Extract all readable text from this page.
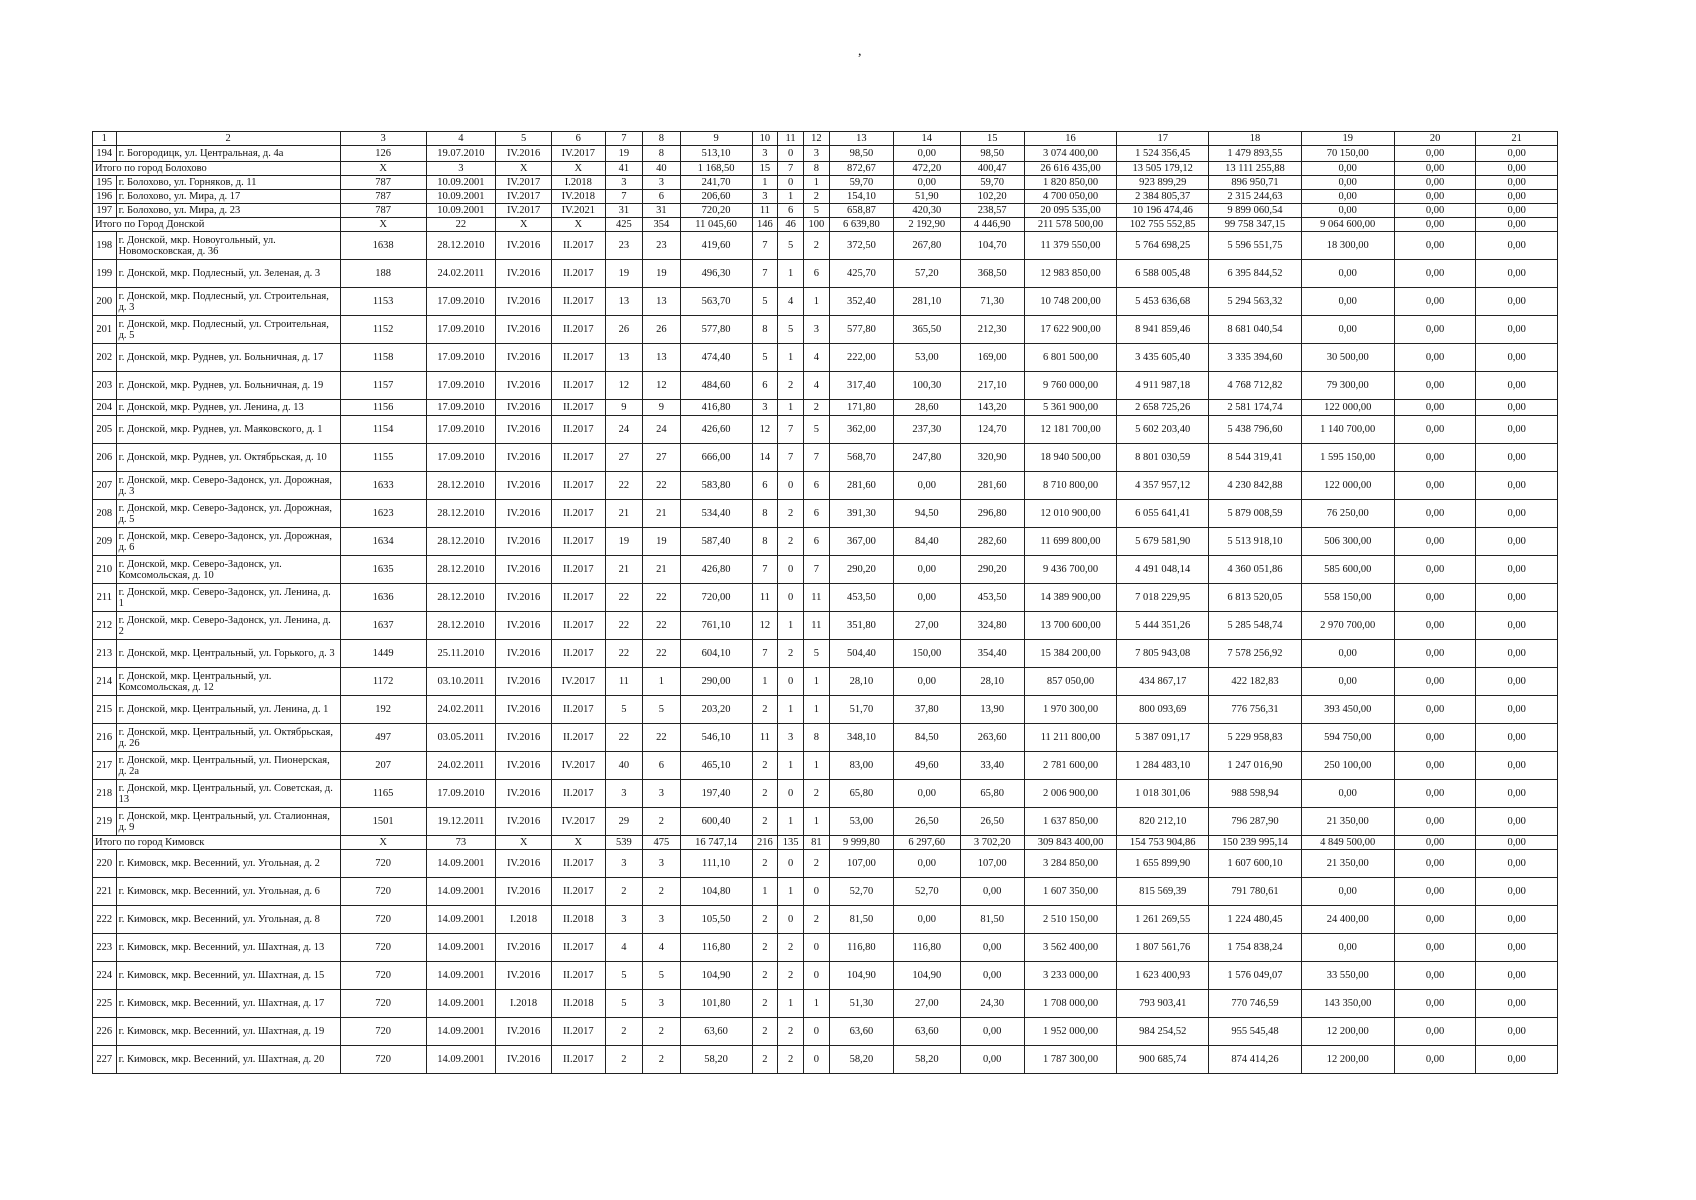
,
1	2	3	4	5	6	7	8	9	10	11	12	13	14	15	16	17	18	19	20	21
194	г. Богородицк, ул. Центральная, д. 4а	126	19.07.2010	IV.2016	IV.2017	19	8	513,10	3	0	3	98,50	0,00	98,50	3 074 400,00	1 524 356,45	1 479 893,55	70 150,00	0,00	0,00
Итого по город Болохово		X	3	X	X	41	40	1 168,50	15	7	8	872,67	472,20	400,47	26 616 435,00	13 505 179,12	13 111 255,88	0,00	0,00	0,00
195	г. Болохово, ул. Горнякoв, д. 11	787	10.09.2001	IV.2017	I.2018	3	3	241,70	1	0	1	59,70	0,00	59,70	1 820 850,00	923 899,29	896 950,71	0,00	0,00	0,00
196	г. Болохово, ул. Мира, д. 17	787	10.09.2001	IV.2017	IV.2018	7	6	206,60	3	1	2	154,10	51,90	102,20	4 700 050,00	2 384 805,37	2 315 244,63	0,00	0,00	0,00
197	г. Болохово, ул. Мира, д. 23	787	10.09.2001	IV.2017	IV.2021	31	31	720,20	11	6	5	658,87	420,30	238,57	20 095 535,00	10 196 474,46	9 899 060,54	0,00	0,00	0,00
Итого по Город Донской		X	22	X	X	425	354	11 045,60	146	46	100	6 639,80	2 192,90	4 446,90	211 578 500,00	102 755 552,85	99 758 347,15	9 064 600,00	0,00	0,00
198	г. Донской, мкр. Новоугольный, ул. Новомосковская, д. 36	1638	28.12.2010	IV.2016	II.2017	23	23	419,60	7	5	2	372,50	267,80	104,70	11 379 550,00	5 764 698,25	5 596 551,75	18 300,00	0,00	0,00
199	г. Донской, мкр. Подлесный, ул. Зеленая, д. 3	188	24.02.2011	IV.2016	II.2017	19	19	496,30	7	1	6	425,70	57,20	368,50	12 983 850,00	6 588 005,48	6 395 844,52	0,00	0,00	0,00
200	г. Донской, мкр. Подлесный, ул. Строительная, д. 3	1153	17.09.2010	IV.2016	II.2017	13	13	563,70	5	4	1	352,40	281,10	71,30	10 748 200,00	5 453 636,68	5 294 563,32	0,00	0,00	0,00
201	г. Донской, мкр. Подлесный, ул. Строительная, д. 5	1152	17.09.2010	IV.2016	II.2017	26	26	577,80	8	5	3	577,80	365,50	212,30	17 622 900,00	8 941 859,46	8 681 040,54	0,00	0,00	0,00
202	г. Донской, мкр. Руднев, ул. Больничная, д. 17	1158	17.09.2010	IV.2016	II.2017	13	13	474,40	5	1	4	222,00	53,00	169,00	6 801 500,00	3 435 605,40	3 335 394,60	30 500,00	0,00	0,00
203	г. Донской, мкр. Руднев, ул. Больничная, д. 19	1157	17.09.2010	IV.2016	II.2017	12	12	484,60	6	2	4	317,40	100,30	217,10	9 760 000,00	4 911 987,18	4 768 712,82	79 300,00	0,00	0,00
204	г. Донской, мкр. Руднев, ул. Ленина, д. 13	1156	17.09.2010	IV.2016	II.2017	9	9	416,80	3	1	2	171,80	28,60	143,20	5 361 900,00	2 658 725,26	2 581 174,74	122 000,00	0,00	0,00
205	г. Донской, мкр. Руднев, ул. Маяковского, д. 1	1154	17.09.2010	IV.2016	II.2017	24	24	426,60	12	7	5	362,00	237,30	124,70	12 181 700,00	5 602 203,40	5 438 796,60	1 140 700,00	0,00	0,00
206	г. Донской, мкр. Руднев, ул. Октябрьская, д. 10	1155	17.09.2010	IV.2016	II.2017	27	27	666,00	14	7	7	568,70	247,80	320,90	18 940 500,00	8 801 030,59	8 544 319,41	1 595 150,00	0,00	0,00
207	г. Донской, мкр. Северо-Задонск, ул. Дорожная, д. 3	1633	28.12.2010	IV.2016	II.2017	22	22	583,80	6	0	6	281,60	0,00	281,60	8 710 800,00	4 357 957,12	4 230 842,88	122 000,00	0,00	0,00
208	г. Донской, мкр. Северо-Задонск, ул. Дорожная, д. 5	1623	28.12.2010	IV.2016	II.2017	21	21	534,40	8	2	6	391,30	94,50	296,80	12 010 900,00	6 055 641,41	5 879 008,59	76 250,00	0,00	0,00
209	г. Донской, мкр. Северо-Задонск, ул. Дорожная, д. 6	1634	28.12.2010	IV.2016	II.2017	19	19	587,40	8	2	6	367,00	84,40	282,60	11 699 800,00	5 679 581,90	5 513 918,10	506 300,00	0,00	0,00
210	г. Донской, мкр. Северо-Задонск, ул. Комсомольская, д. 10	1635	28.12.2010	IV.2016	II.2017	21	21	426,80	7	0	7	290,20	0,00	290,20	9 436 700,00	4 491 048,14	4 360 051,86	585 600,00	0,00	0,00
211	г. Донской, мкр. Северо-Задонск, ул. Ленина, д. 1	1636	28.12.2010	IV.2016	II.2017	22	22	720,00	11	0	11	453,50	0,00	453,50	14 389 900,00	7 018 229,95	6 813 520,05	558 150,00	0,00	0,00
212	г. Донской, мкр. Северо-Задонск, ул. Ленина, д. 2	1637	28.12.2010	IV.2016	II.2017	22	22	761,10	12	1	11	351,80	27,00	324,80	13 700 600,00	5 444 351,26	5 285 548,74	2 970 700,00	0,00	0,00
213	г. Донской, мкр. Центральный, ул. Горького, д. 3	1449	25.11.2010	IV.2016	II.2017	22	22	604,10	7	2	5	504,40	150,00	354,40	15 384 200,00	7 805 943,08	7 578 256,92	0,00	0,00	0,00
214	г. Донской, мкр. Центральный, ул. Комсомольская, д. 12	1172	03.10.2011	IV.2016	IV.2017	11	1	290,00	1	0	1	28,10	0,00	28,10	857 050,00	434 867,17	422 182,83	0,00	0,00	0,00
215	г. Донской, мкр. Центральный, ул. Ленина, д. 1	192	24.02.2011	IV.2016	II.2017	5	5	203,20	2	1	1	51,70	37,80	13,90	1 970 300,00	800 093,69	776 756,31	393 450,00	0,00	0,00
216	г. Донской, мкр. Центральный, ул. Октябрьская, д. 26	497	03.05.2011	IV.2016	II.2017	22	22	546,10	11	3	8	348,10	84,50	263,60	11 211 800,00	5 387 091,17	5 229 958,83	594 750,00	0,00	0,00
217	г. Донской, мкр. Центральный, ул. Пионерская, д. 2а	207	24.02.2011	IV.2016	IV.2017	40	6	465,10	2	1	1	83,00	49,60	33,40	2 781 600,00	1 284 483,10	1 247 016,90	250 100,00	0,00	0,00
218	г. Донской, мкр. Центральный, ул. Советская, д. 13	1165	17.09.2010	IV.2016	II.2017	3	3	197,40	2	0	2	65,80	0,00	65,80	2 006 900,00	1 018 301,06	988 598,94	0,00	0,00	0,00
219	г. Донской, мкр. Центральный, ул. Сталионная, д. 9	1501	19.12.2011	IV.2016	IV.2017	29	2	600,40	2	1	1	53,00	26,50	26,50	1 637 850,00	820 212,10	796 287,90	21 350,00	0,00	0,00
Итого по город Кимовск		X	73	X	X	539	475	16 747,14	216	135	81	9 999,80	6 297,60	3 702,20	309 843 400,00	154 753 904,86	150 239 995,14	4 849 500,00	0,00	0,00
220	г. Кимовск, мкр. Весенний, ул. Угольная, д. 2	720	14.09.2001	IV.2016	II.2017	3	3	111,10	2	0	2	107,00	0,00	107,00	3 284 850,00	1 655 899,90	1 607 600,10	21 350,00	0,00	0,00
221	г. Кимовск, мкр. Весенний, ул. Угольная, д. 6	720	14.09.2001	IV.2016	II.2017	2	2	104,80	1	1	0	52,70	52,70	0,00	1 607 350,00	815 569,39	791 780,61	0,00	0,00	0,00
222	г. Кимовск, мкр. Весенний, ул. Угольная, д. 8	720	14.09.2001	I.2018	II.2018	3	3	105,50	2	0	2	81,50	0,00	81,50	2 510 150,00	1 261 269,55	1 224 480,45	24 400,00	0,00	0,00
223	г. Кимовск, мкр. Весенний, ул. Шахтная, д. 13	720	14.09.2001	IV.2016	II.2017	4	4	116,80	2	2	0	116,80	116,80	0,00	3 562 400,00	1 807 561,76	1 754 838,24	0,00	0,00	0,00
224	г. Кимовск, мкр. Весенний, ул. Шахтная, д. 15	720	14.09.2001	IV.2016	II.2017	5	5	104,90	2	2	0	104,90	104,90	0,00	3 233 000,00	1 623 400,93	1 576 049,07	33 550,00	0,00	0,00
225	г. Кимовск, мкр. Весенний, ул. Шахтная, д. 17	720	14.09.2001	I.2018	II.2018	5	3	101,80	2	1	1	51,30	27,00	24,30	1 708 000,00	793 903,41	770 746,59	143 350,00	0,00	0,00
226	г. Кимовск, мкр. Весенний, ул. Шахтная, д. 19	720	14.09.2001	IV.2016	II.2017	2	2	63,60	2	2	0	63,60	63,60	0,00	1 952 000,00	984 254,52	955 545,48	12 200,00	0,00	0,00
227	г. Кимовск, мкр. Весенний, ул. Шахтная, д. 20	720	14.09.2001	IV.2016	II.2017	2	2	58,20	2	2	0	58,20	58,20	0,00	1 787 300,00	900 685,74	874 414,26	12 200,00	0,00	0,00
